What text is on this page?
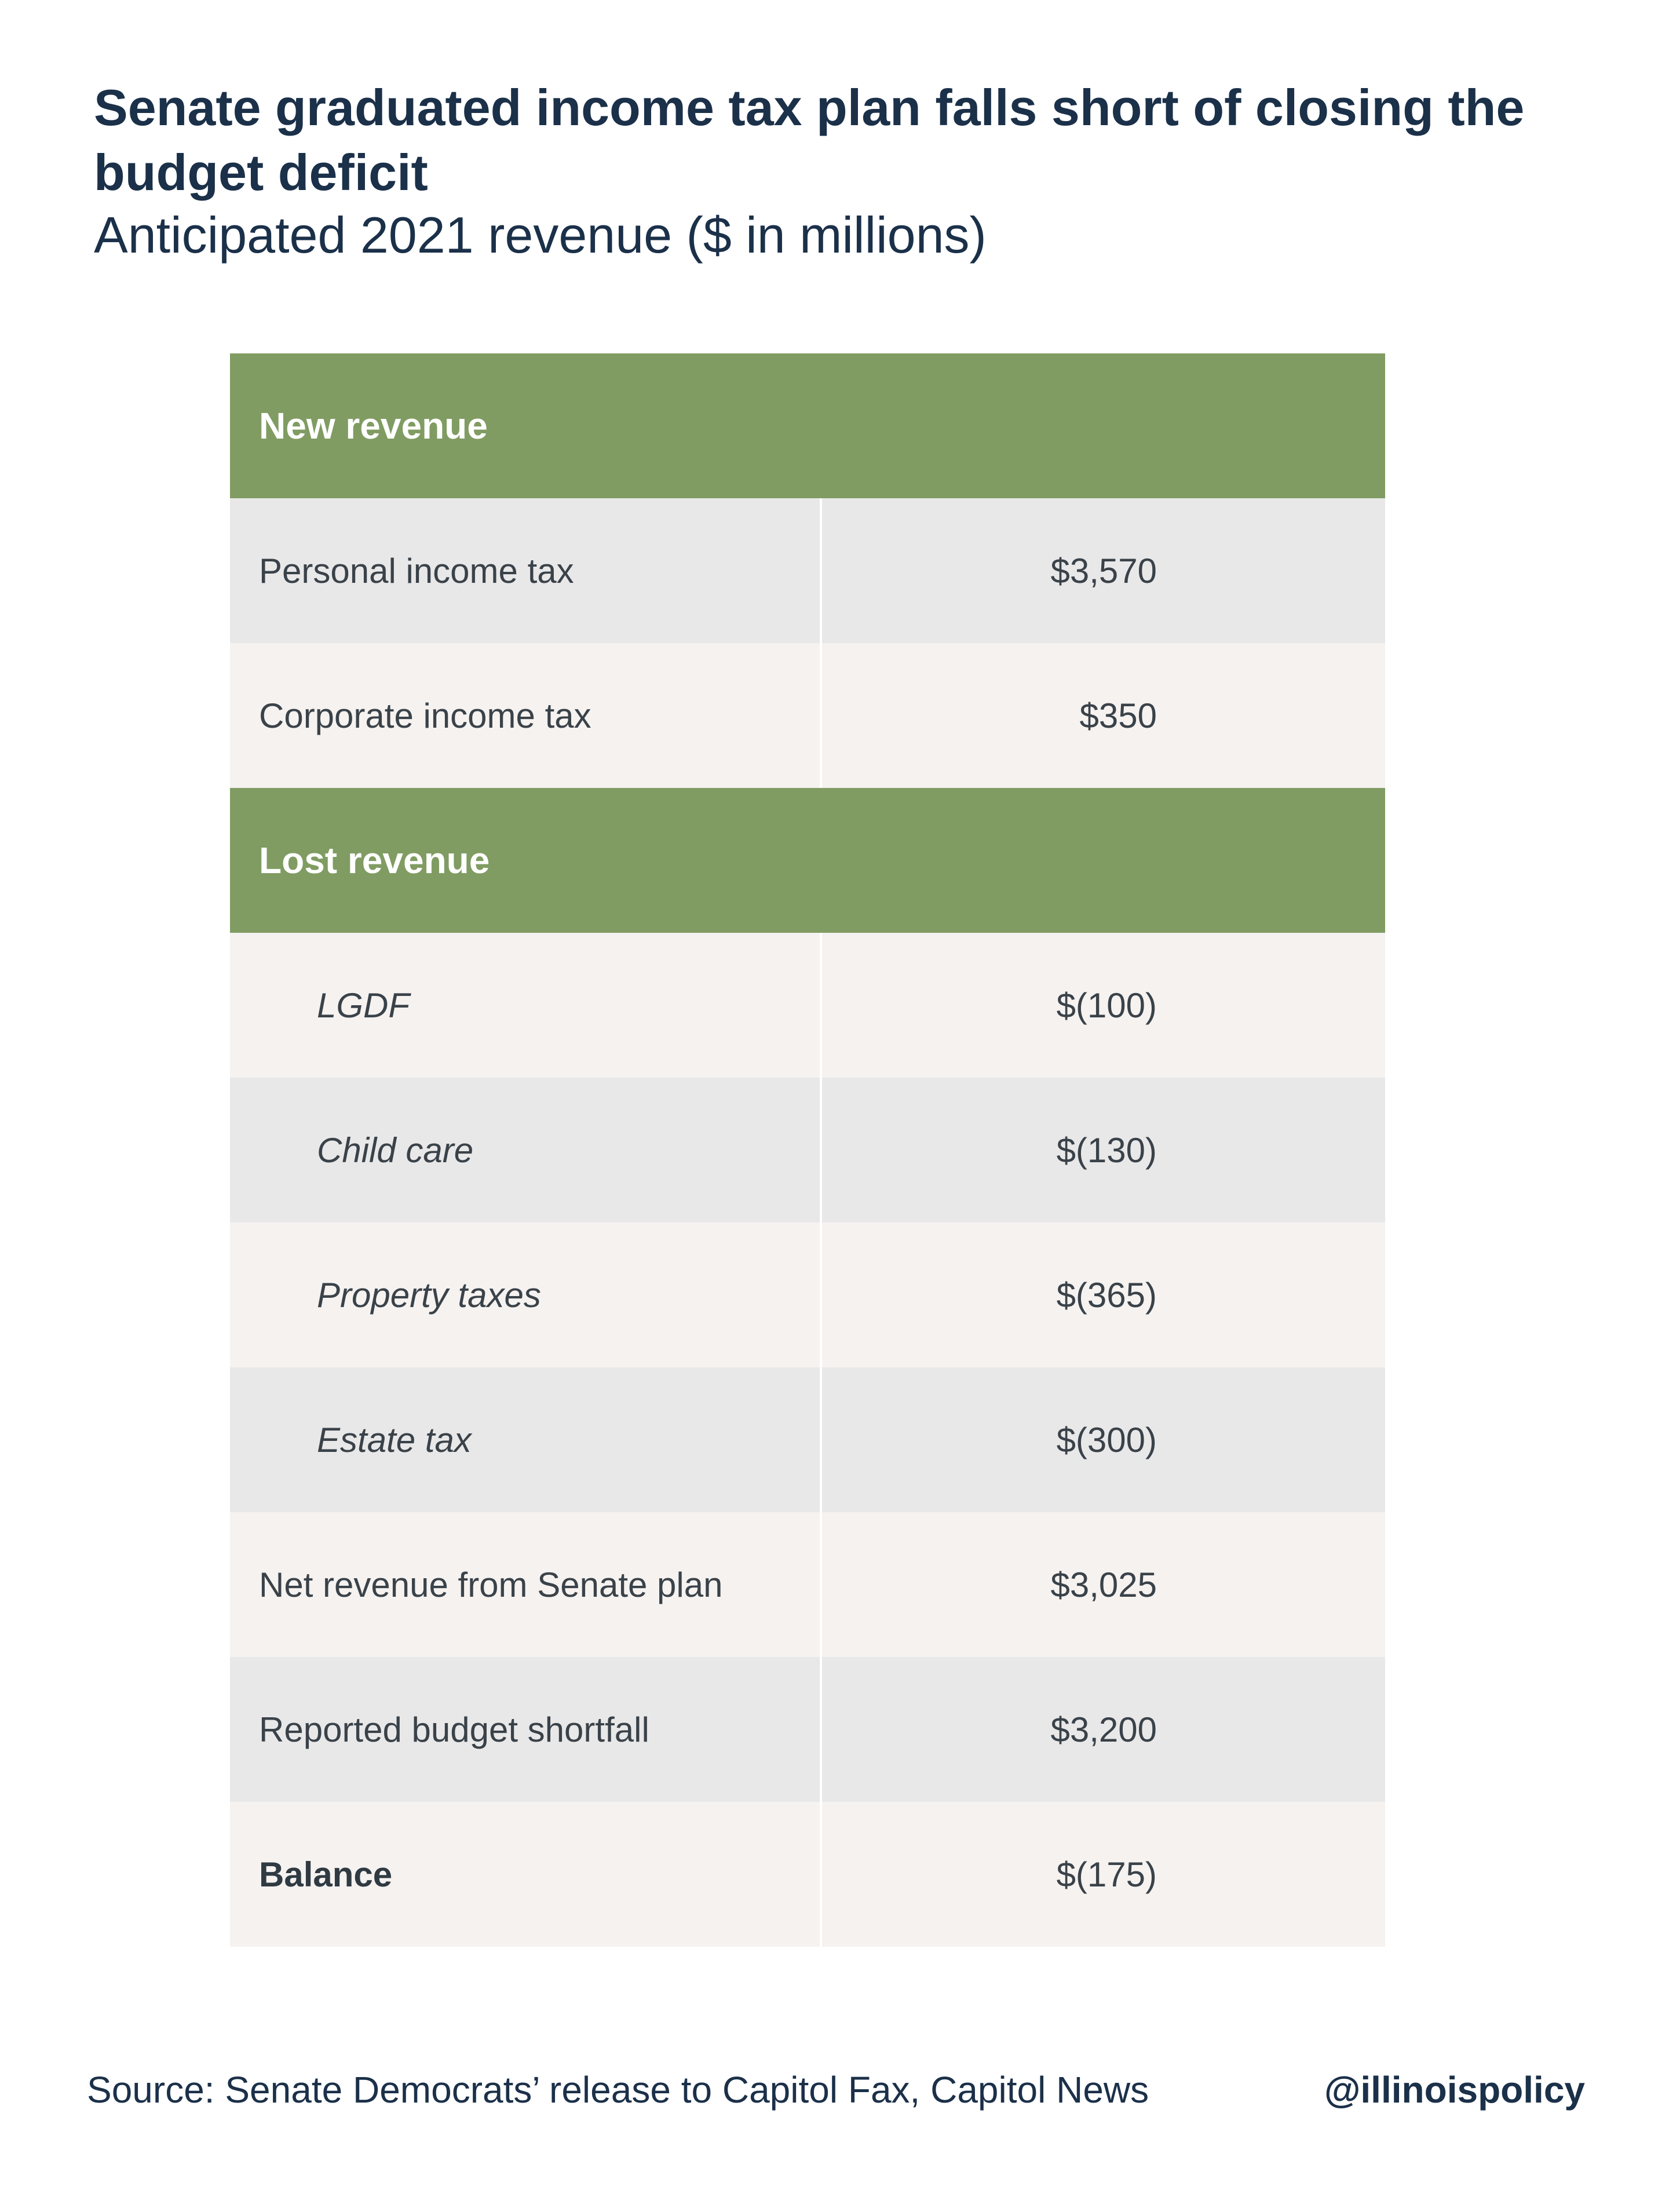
Senate graduated income tax plan falls short of closing the budget deficit
Anticipated 2021 revenue ($ in millions)
New revenue
Personal income tax	$3,570
Corporate income tax	$350
Lost revenue
LGDF	$(100)
Child care	$(130)
Property taxes	$(365)
Estate tax	$(300)
Net revenue from Senate plan	$3,025
Reported budget shortfall	$3,200
Balance	$(175)
Source: Senate Democrats’ release to Capitol Fax, Capitol News	@illinoispolicy
